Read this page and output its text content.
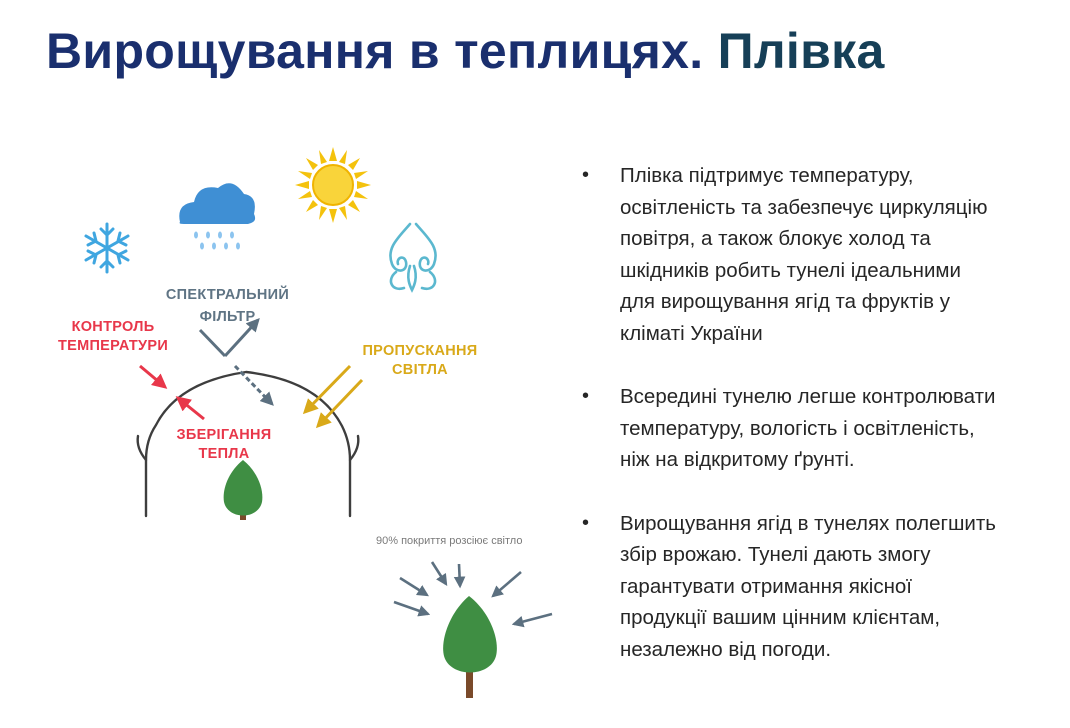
Вирощування в теплицях. Плівка
КОНТРОЛЬ
ТЕМПЕРАТУРИ
СПЕКТРАЛЬНИЙ
ФІЛЬТР
ПРОПУСКАННЯ
СВІТЛА
ЗБЕРІГАННЯ
ТЕПЛА
90% покриття розсіює світло
• Плівка підтримує температуру,
освітленість та забезпечує циркуляцію
повітря, а також блокує холод та
шкідників робить тунелі ідеальними
для вирощування ягід та фруктів у
кліматі України
• Всередині тунелю легше контролювати
температуру, вологість і освітленість,
ніж на відкритому ґрунті.
• Вирощування ягід в тунелях полегшить
збір врожаю. Тунелі дають змогу
гарантувати отримання якісної
продукції вашим цінним клієнтам,
незалежно від погоди.
